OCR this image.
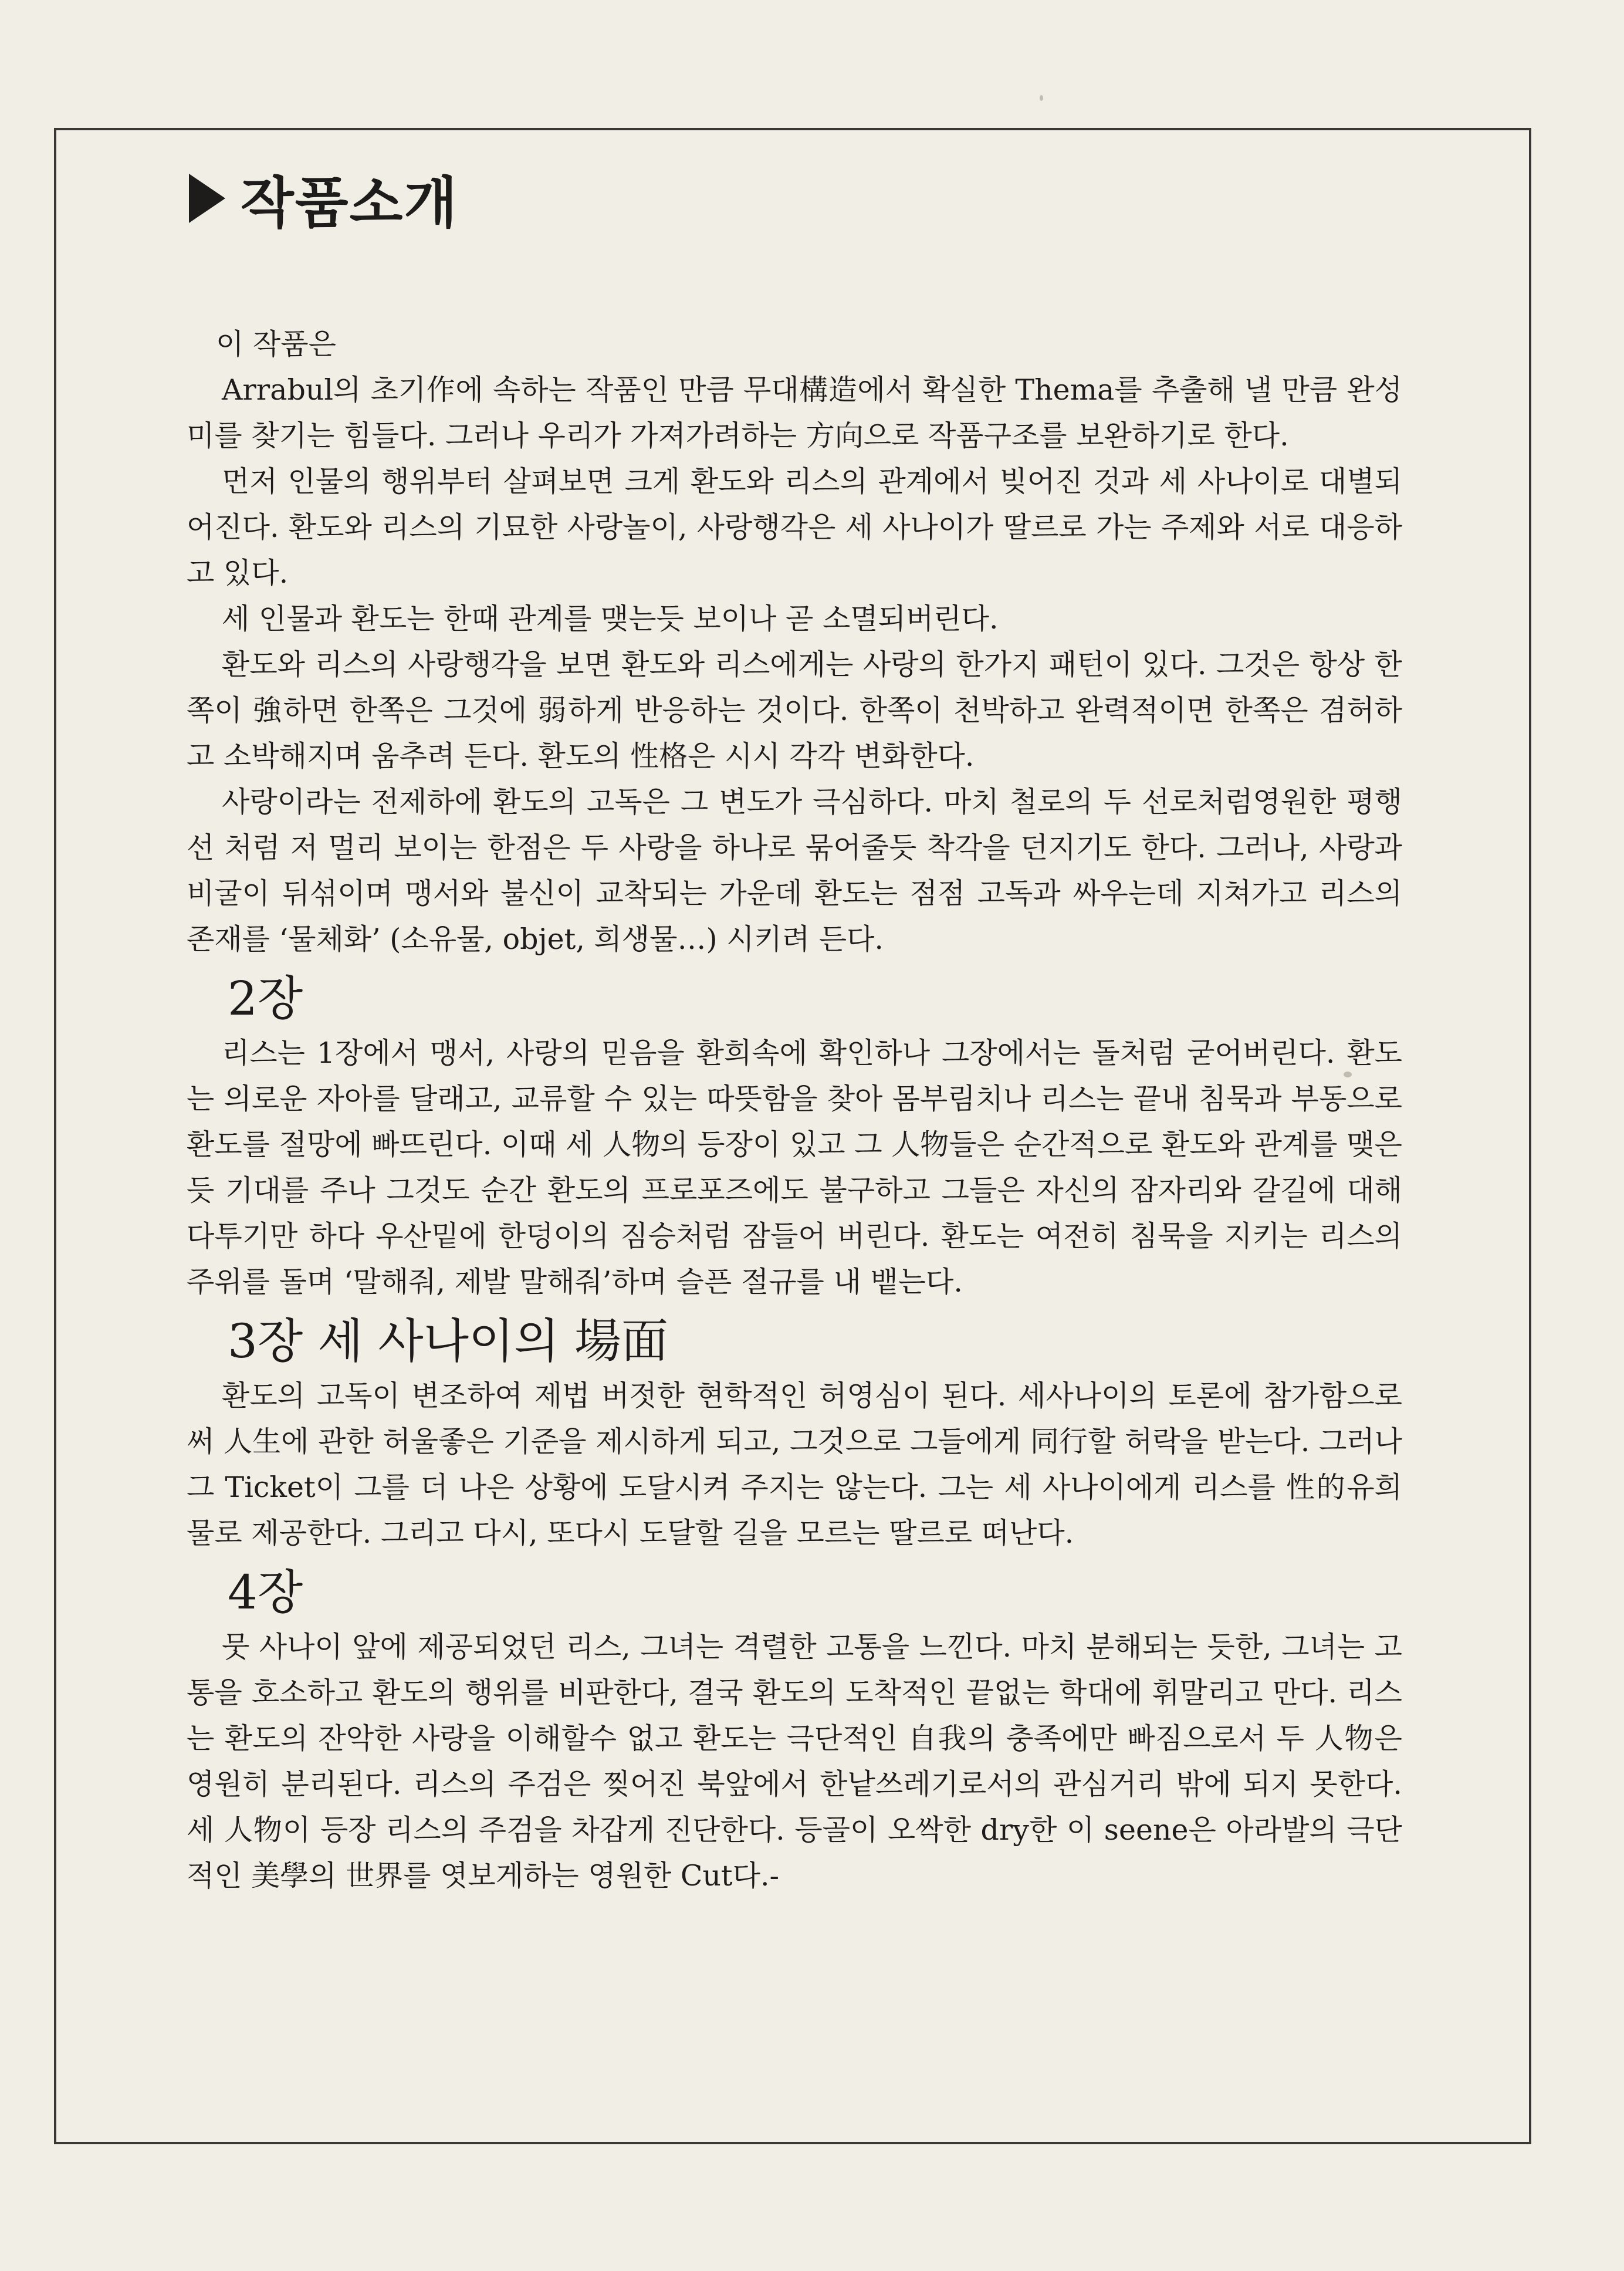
작품소개

이 작품은

Arrabul의 초기作에 속하는 작품인 만큼 무대構造에서 확실한 Thema를 추출해 낼 만큼 완성미를 찾기는 힘들다. 그러나 우리가 가져가려하는 方向으로 작품구조를 보완하기로 한다.

먼저 인물의 행위부터 살펴보면 크게 환도와 리스의 관계에서 빚어진 것과 세 사나이로 대별되어진다. 환도와 리스의 기묘한 사랑놀이, 사랑행각은 세 사나이가 딸르로 가는 주제와 서로 대응하고 있다.

세 인물과 환도는 한때 관계를 맺는듯 보이나 곧 소멸되버린다.

환도와 리스의 사랑행각을 보면 환도와 리스에게는 사랑의 한가지 패턴이 있다. 그것은 항상 한쪽이 強하면 한쪽은 그것에 弱하게 반응하는 것이다. 한쪽이 천박하고 완력적이면 한쪽은 겸허하고 소박해지며 움추려 든다. 환도의 性格은 시시 각각 변화한다.

사랑이라는 전제하에 환도의 고독은 그 변도가 극심하다. 마치 철로의 두 선로처럼영원한 평행선 처럼 저 멀리 보이는 한점은 두 사랑을 하나로 묶어줄듯 착각을 던지기도 한다. 그러나, 사랑과 비굴이 뒤섞이며 맹서와 불신이 교착되는 가운데 환도는 점점 고독과 싸우는데 지쳐가고 리스의 존재를 ‘물체화’ (소유물, objet, 희생물…) 시키려 든다.

2장

리스는 1장에서 맹서, 사랑의 믿음을 환희속에 확인하나 그장에서는 돌처럼 굳어버린다. 환도는 의로운 자아를 달래고, 교류할 수 있는 따뜻함을 찾아 몸부림치나 리스는 끝내 침묵과 부동으로 환도를 절망에 빠뜨린다. 이때 세 人物의 등장이 있고 그 人物들은 순간적으로 환도와 관계를 맺은듯 기대를 주나 그것도 순간 환도의 프로포즈에도 불구하고 그들은 자신의 잠자리와 갈길에 대해 다투기만 하다 우산밑에 한덩이의 짐승처럼 잠들어 버린다. 환도는 여전히 침묵을 지키는 리스의 주위를 돌며 ‘말해줘, 제발 말해줘’하며 슬픈 절규를 내 뱉는다.

3장 세 사나이의 場面

환도의 고독이 변조하여 제법 버젓한 현학적인 허영심이 된다. 세사나이의 토론에 참가함으로써 人生에 관한 허울좋은 기준을 제시하게 되고, 그것으로 그들에게 同行할 허락을 받는다. 그러나 그 Ticket이 그를 더 나은 상황에 도달시켜 주지는 않는다. 그는 세 사나이에게 리스를 性的유희물로 제공한다. 그리고 다시, 또다시 도달할 길을 모르는 딸르로 떠난다.

4장

뭇 사나이 앞에 제공되었던 리스, 그녀는 격렬한 고통을 느낀다. 마치 분해되는 듯한, 그녀는 고통을 호소하고 환도의 행위를 비판한다, 결국 환도의 도착적인 끝없는 학대에 휘말리고 만다. 리스는 환도의 잔악한 사랑을 이해할수 없고 환도는 극단적인 自我의 충족에만 빠짐으로서 두 人物은 영원히 분리된다. 리스의 주검은 찢어진 북앞에서 한낱쓰레기로서의 관심거리 밖에 되지 못한다. 세 人物이 등장 리스의 주검을 차갑게 진단한다. 등골이 오싹한 dry한 이 seene은 아라발의 극단적인 美學의 世界를 엿보게하는 영원한 Cut다.-
